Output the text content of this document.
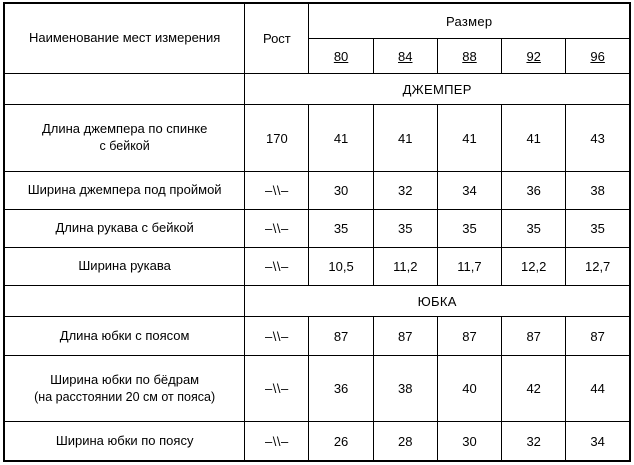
Наименование мест измерения	Рост	Размер				
		80	84	88	92	96
	ДЖЕМПЕР					
Длина джемпера по спинке
с бейкой	170	41	41	41	41	43
Ширина джемпера под проймой	–\\–	30	32	34	36	38
Длина рукава с бейкой	–\\–	35	35	35	35	35
Ширина рукава	–\\–	10,5	11,2	11,7	12,2	12,7
	ЮБКА					
Длина юбки с поясом	–\\–	87	87	87	87	87
Ширина юбки по бёдрам
(на расстоянии 20 см от пояса)	–\\–	36	38	40	42	44
Ширина юбки по поясу	–\\–	26	28	30	32	34
